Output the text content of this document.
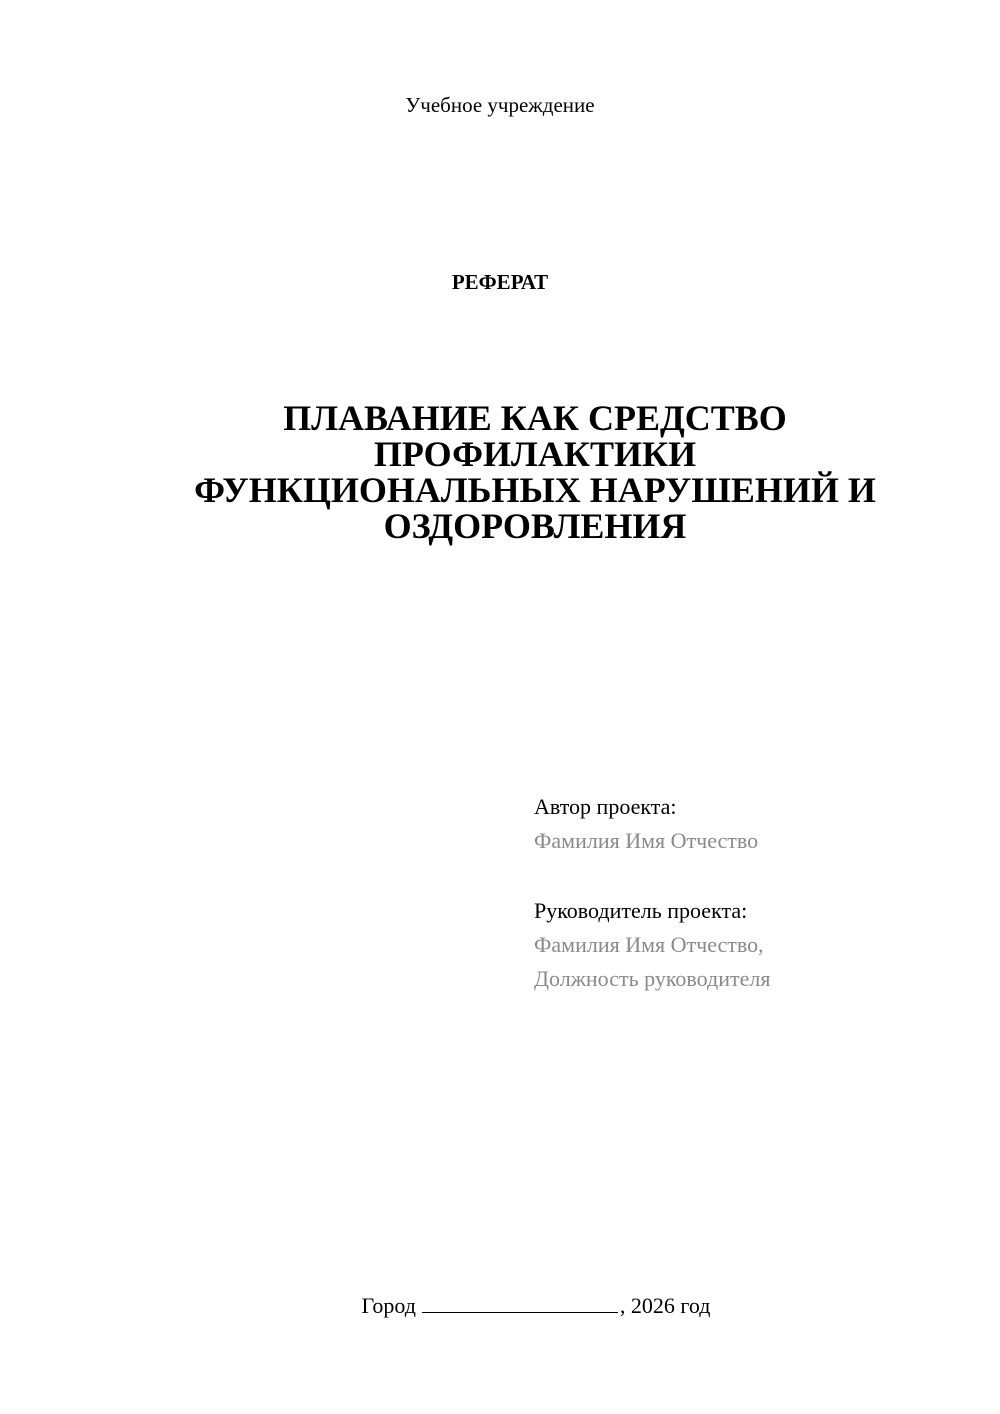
Учебное учреждение
РЕФЕРАТ
ПЛАВАНИЕ КАК СРЕДСТВО
ПРОФИЛАКТИКИ
ФУНКЦИОНАЛЬНЫХ НАРУШЕНИЙ И
ОЗДОРОВЛЕНИЯ
Автор проекта:
Фамилия Имя Отчество
Руководитель проекта:
Фамилия Имя Отчество,
Должность руководителя
Город	, 2026 год
